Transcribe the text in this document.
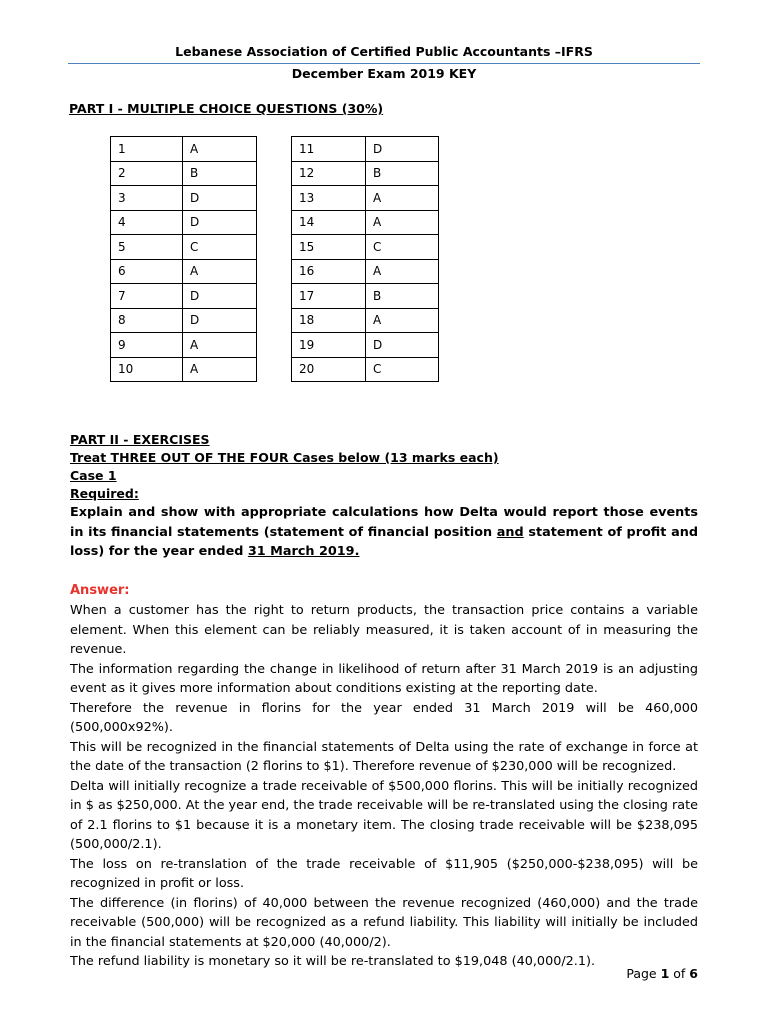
Lebanese Association of Certified Public Accountants –IFRS
December Exam 2019 KEY
PART I - MULTIPLE CHOICE QUESTIONS (30%)
1	A
2	B
3	D
4	D
5	C
6	A
7	D
8	D
9	A
10	A
11	D
12	B
13	A
14	A
15	C
16	A
17	B
18	A
19	D
20	C
PART II - EXERCISES
Treat THREE OUT OF THE FOUR Cases below (13 marks each)
Case 1
Required:
Explain and show with appropriate calculations how Delta would report those events in its financial statements (statement of financial position and statement of profit and loss) for the year ended 31 March 2019.
Answer:

When a customer has the right to return products, the transaction price contains a variable element. When this element can be reliably measured, it is taken account of in measuring the revenue.

The information regarding the change in likelihood of return after 31 March 2019 is an adjusting event as it gives more information about conditions existing at the reporting date.

Therefore the revenue in florins for the year ended 31 March 2019 will be 460,000 (500,000x92%).

This will be recognized in the financial statements of Delta using the rate of exchange in force at the date of the transaction (2 florins to $1). Therefore revenue of $230,000 will be recognized.

Delta will initially recognize a trade receivable of $500,000 florins. This will be initially recognized in $ as $250,000. At the year end, the trade receivable will be re-translated using the closing rate of 2.1 florins to $1 because it is a monetary item. The closing trade receivable will be $238,095 (500,000/2.1).

The loss on re-translation of the trade receivable of $11,905 ($250,000-$238,095) will be recognized in profit or loss.

The difference (in florins) of 40,000 between the revenue recognized (460,000) and the trade receivable (500,000) will be recognized as a refund liability. This liability will initially be included in the financial statements at $20,000 (40,000/2).

The refund liability is monetary so it will be re-translated to $19,048 (40,000/2.1).

Page 1 of 6
